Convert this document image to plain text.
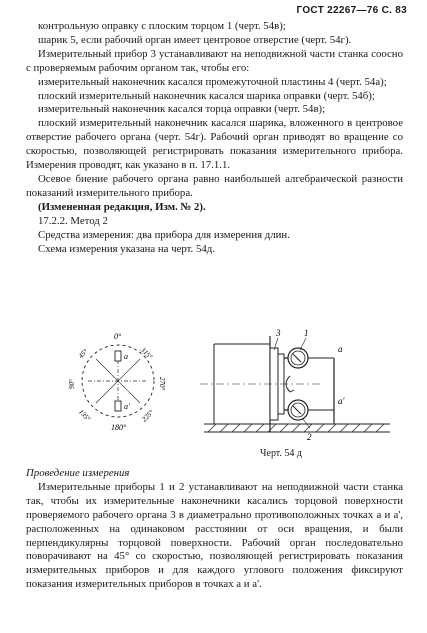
ГОСТ 22267—76 С. 83

контрольную оправку с плоским торцом 1 (черт. 54в);

шарик 5, если рабочий орган имеет центровое отверстие (черт. 54г).

Измерительный прибор 3 устанавливают на неподвижной части станка соосно с проверяемым рабочим органом так, чтобы его:

измерительный наконечник касался промежуточной пластины 4 (черт. 54а);

плоский измерительный наконечник касался шарика оправки (черт. 54б);

измерительный наконечник касался торца оправки (черт. 54в);

плоский измерительный наконечник касался шарика, вложенного в центровое отверстие рабочего органа (черт. 54г). Рабочий орган приводят во вращение со скоростью, позволяющей регистрировать показания измерительного прибора. Измерения проводят, как указано в п. 17.1.1.

Осевое биение рабочего органа равно наибольшей алгебраической разности показаний измерительного прибора.

(Измененная редакция, Изм. № 2).

17.2.2. Метод 2

Средства измерения: два прибора для измерения длин.

Схема измерения указана на черт. 54д.

0°
45°
90°
135°
180°
225°
270°
315°
a
a'
3	1
a
2
a'
Черт. 54 д

Проведение измерения

Измерительные приборы 1 и 2 устанавливают на неподвижной части станка так, чтобы их измерительные наконечники касались торцовой поверхности проверяемого рабочего органа 3 в диаметрально противоположных точках a и a', расположенных на одинаковом расстоянии от оси вращения, и были перпендикулярны торцовой поверхности. Рабочий орган последовательно поворачивают на 45° со скоростью, позволяющей регистрировать показания измерительных приборов и для каждого углового положения фиксируют показания измерительных приборов в точках a и a'.
